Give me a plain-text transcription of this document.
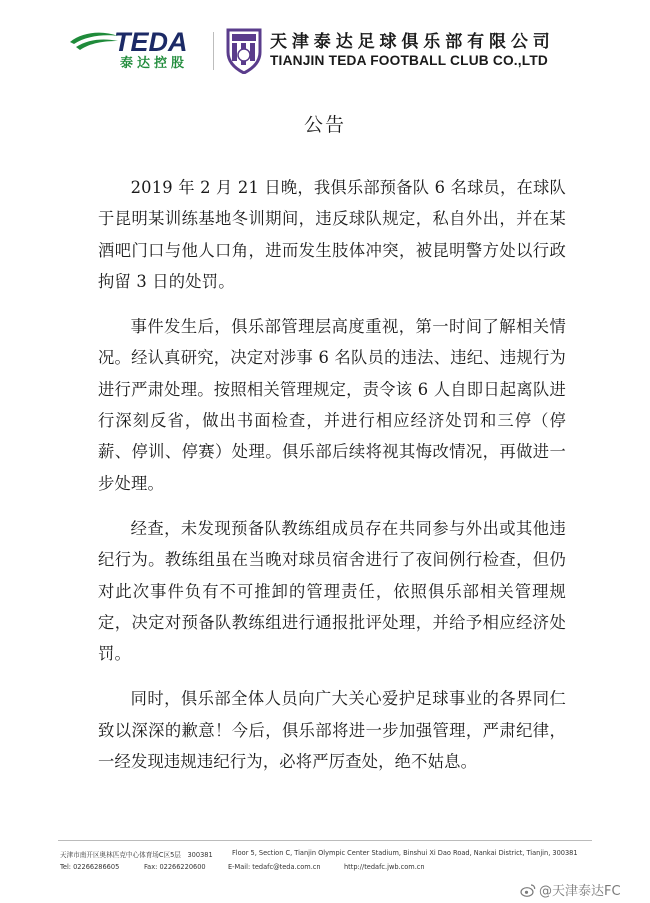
TEDA
泰达控股
天津泰达足球俱乐部有限公司
TIANJIN TEDA FOOTBALL CLUB CO.,LTD
公告

2019 年 2 月 21 日晚，我俱乐部预备队 6 名球员，在球队于昆明某训练基地冬训期间，违反球队规定，私自外出，并在某酒吧门口与他人口角，进而发生肢体冲突，被昆明警方处以行政拘留 3 日的处罚。

事件发生后，俱乐部管理层高度重视，第一时间了解相关情况。经认真研究，决定对涉事 6 名队员的违法、违纪、违规行为进行严肃处理。按照相关管理规定，责令该 6 人自即日起离队进行深刻反省，做出书面检查，并进行相应经济处罚和三停（停薪、停训、停赛）处理。俱乐部后续将视其悔改情况，再做进一步处理。

经查，未发现预备队教练组成员存在共同参与外出或其他违纪行为。教练组虽在当晚对球员宿舍进行了夜间例行检查，但仍对此次事件负有不可推卸的管理责任，依照俱乐部相关管理规定，决定对预备队教练组进行通报批评处理，并给予相应经济处罚。

同时，俱乐部全体人员向广大关心爱护足球事业的各界同仁致以深深的歉意！今后，俱乐部将进一步加强管理，严肃纪律，一经发现违规违纪行为，必将严厉查处，绝不姑息。

天津市南开区奥林匹克中心体育场C区5层　300381	Floor 5, Section C, Tianjin Olympic Center Stadium, Binshui Xi Dao Road, Nankai District, Tianjin, 300381
Tel: 02266286605	Fax: 02266220600	E-Mail: tedafc@teda.com.cn	http://tedafc.jwb.com.cn
@天津泰达FC
